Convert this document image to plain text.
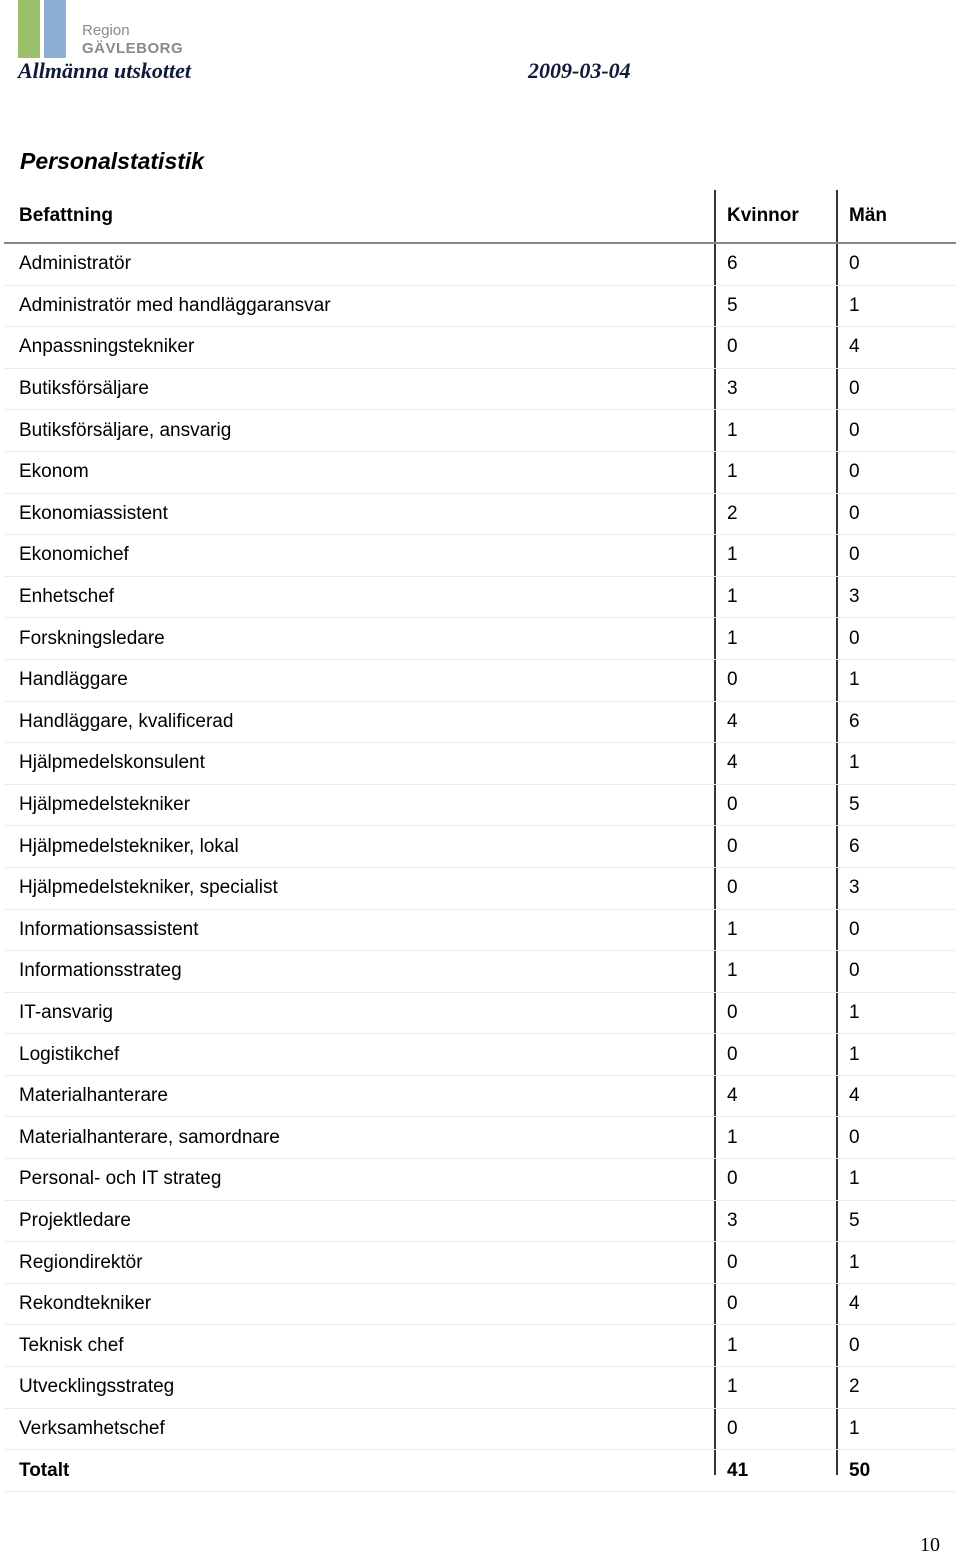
Region
GÄVLEBORG
Allmänna utskottet	2009-03-04
Personalstatistik
Befattning	Kvinnor	Män
Administratör	6	0
Administratör med handläggaransvar	5	1
Anpassningstekniker	0	4
Butiksförsäljare	3	0
Butiksförsäljare, ansvarig	1	0
Ekonom	1	0
Ekonomiassistent	2	0
Ekonomichef	1	0
Enhetschef	1	3
Forskningsledare	1	0
Handläggare	0	1
Handläggare, kvalificerad	4	6
Hjälpmedelskonsulent	4	1
Hjälpmedelstekniker	0	5
Hjälpmedelstekniker, lokal	0	6
Hjälpmedelstekniker, specialist	0	3
Informationsassistent	1	0
Informationsstrateg	1	0
IT-ansvarig	0	1
Logistikchef	0	1
Materialhanterare	4	4
Materialhanterare, samordnare	1	0
Personal- och IT strateg	0	1
Projektledare	3	5
Regiondirektör	0	1
Rekondtekniker	0	4
Teknisk chef	1	0
Utvecklingsstrateg	1	2
Verksamhetschef	0	1
Totalt	41	50
10
